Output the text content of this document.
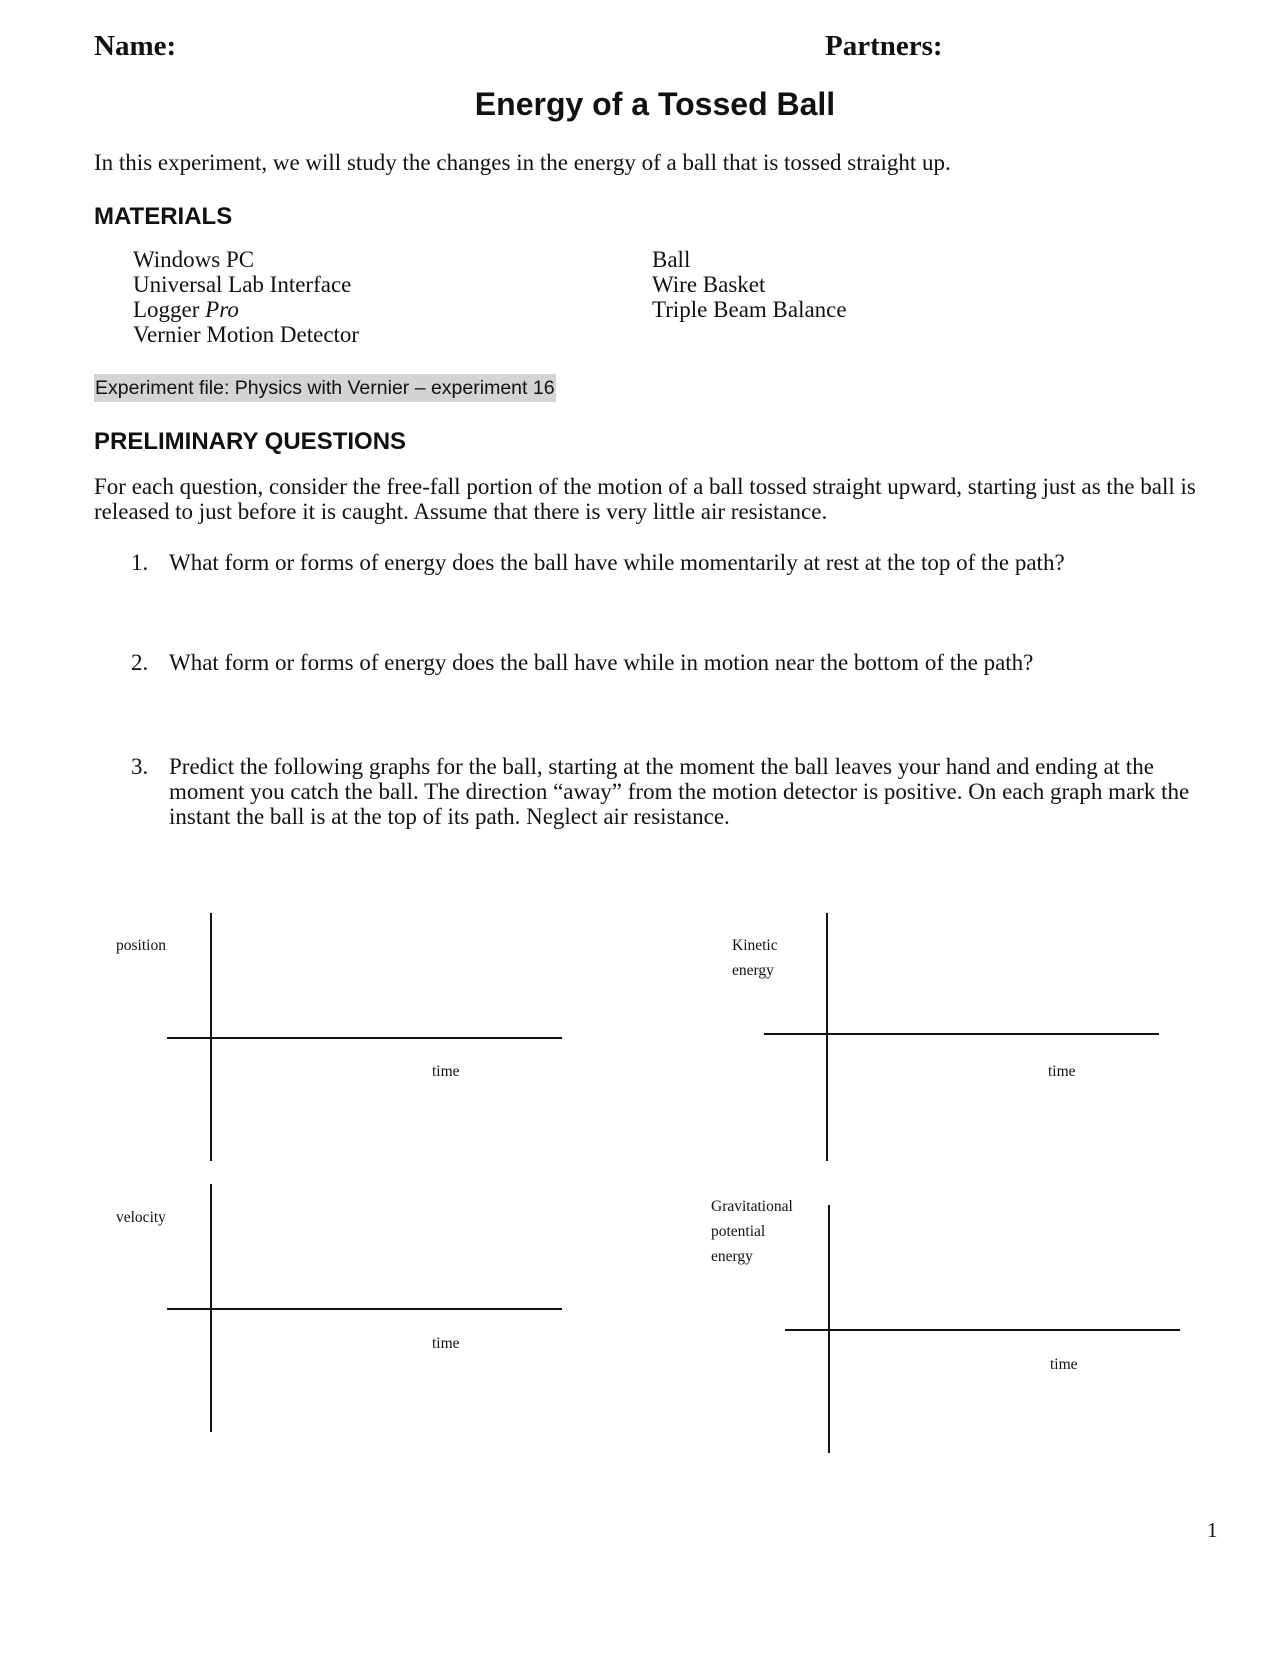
Name:	Partners:
Energy of a Tossed Ball
In this experiment, we will study the changes in the energy of a ball that is tossed straight up.
MATERIALS
Windows PC
Universal Lab Interface
Logger Pro
Vernier Motion Detector
Ball
Wire Basket
Triple Beam Balance
Experiment file: Physics with Vernier – experiment 16
PRELIMINARY QUESTIONS
For each question, consider the free-fall portion of the motion of a ball tossed straight upward, starting just as the ball is released to just before it is caught. Assume that there is very little air resistance.
1. What form or forms of energy does the ball have while momentarily at rest at the top of the path?
2. What form or forms of energy does the ball have while in motion near the bottom of the path?
3. Predict the following graphs for the ball, starting at the moment the ball leaves your hand and ending at the moment you catch the ball. The direction “away” from the motion detector is positive. On each graph mark the instant the ball is at the top of its path. Neglect air resistance.
position
time
Kinetic
energy
time
velocity
time
Gravitational
potential
energy
time
1
